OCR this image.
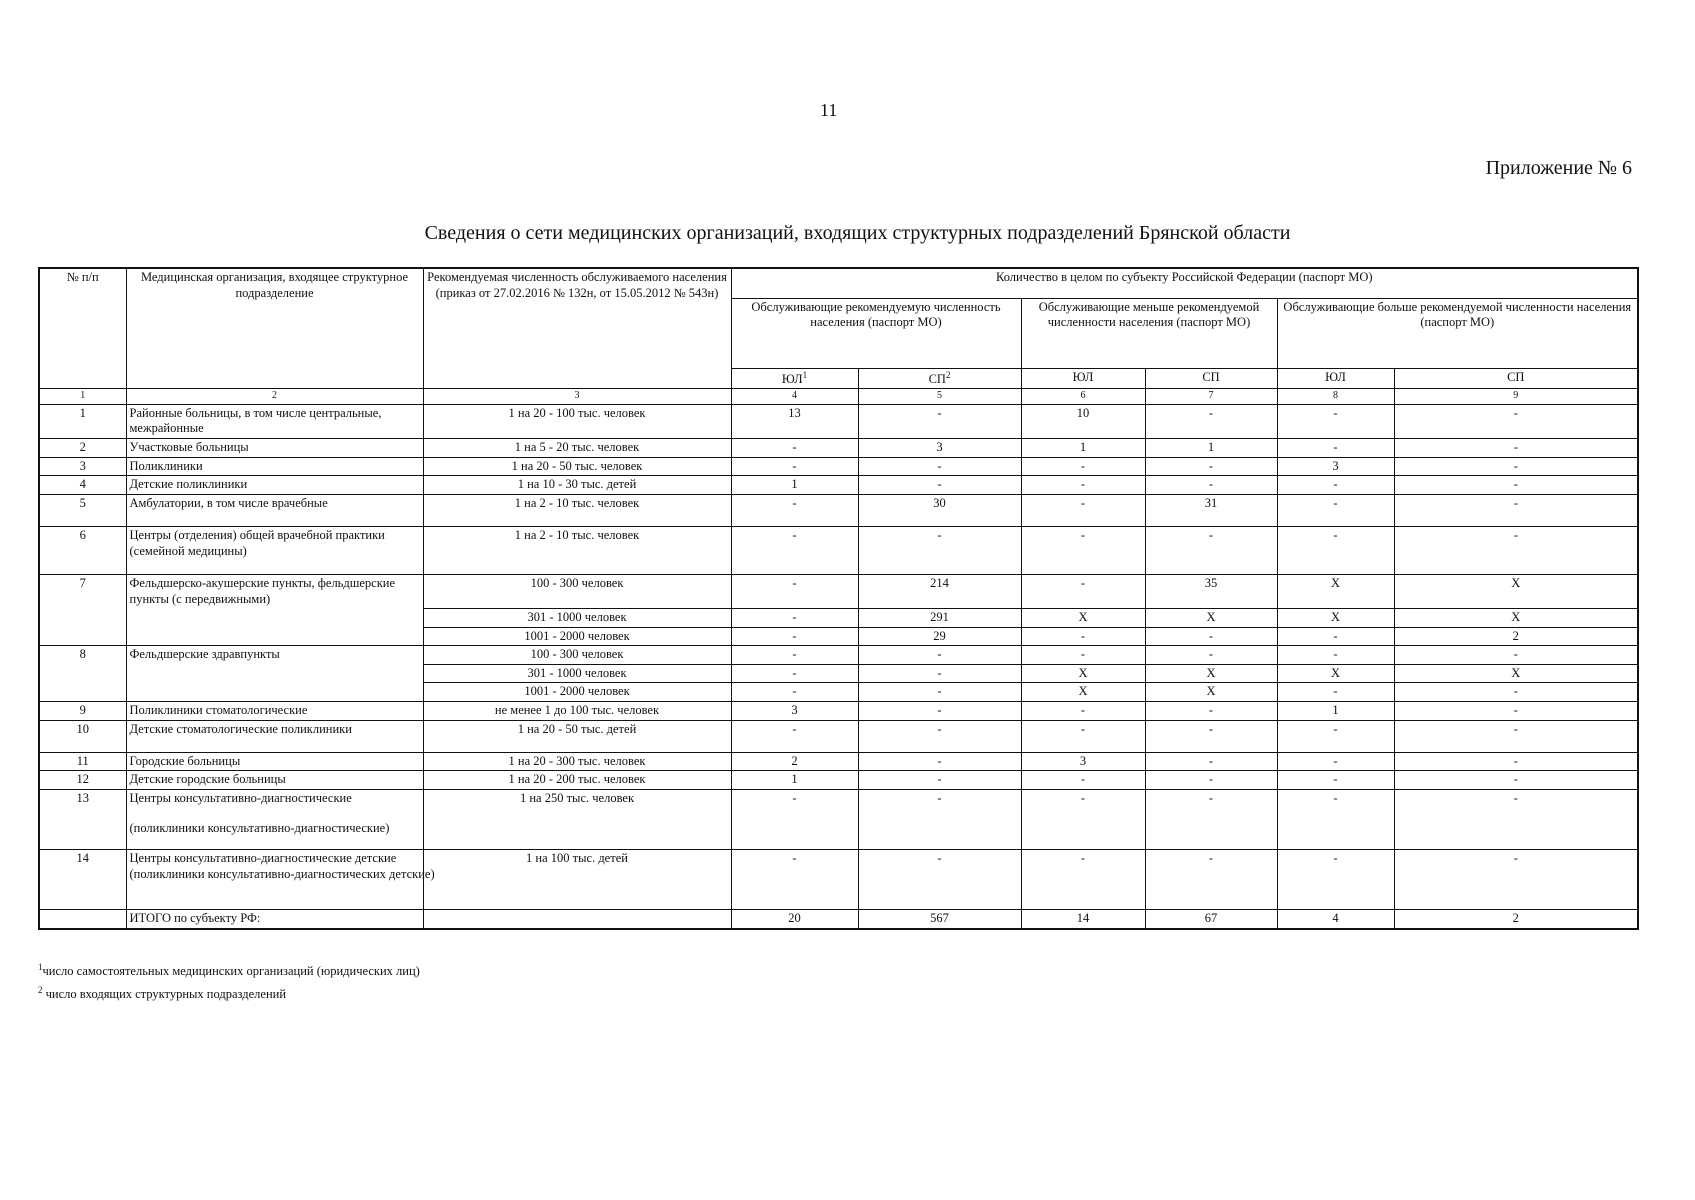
11
Приложение № 6
Сведения о сети медицинских организаций, входящих структурных подразделений Брянской области
№ п/п	Медицинская организация, входящее структурное подразделение	Рекомендуемая численность обслуживаемого населения (приказ от 27.02.2016 № 132н, от 15.05.2012 № 543н)	Количество в целом по субъекту Российской Федерации (паспорт МО)					
			Обслуживающие рекомендуемую численность населения (паспорт МО)		Обслуживающие меньше рекомендуемой численности населения (паспорт МО)		Обслуживающие больше рекомендуемой численности населения (паспорт МО)	
			$ЮЛ^1$	$СП^2$	ЮЛ	СП	ЮЛ	СП
1	2	3	4	5	6	7	8	9
1	Районные больницы, в том числе центральные, межрайонные	1 на 20 - 100 тыс. человек	13	-	10	-	-	-
2	Участковые больницы	1 на 5 - 20 тыс. человек	-	3	1	1	-	-
3	Поликлиники	1 на 20 - 50 тыс. человек	-	-	-	-	3	-
4	Детские поликлиники	1 на 10 - 30 тыс. детей	1	-	-	-	-	-
5	Амбулатории, в том числе врачебные	1 на 2 - 10 тыс. человек	-	30	-	31	-	-
6	Центры (отделения) общей врачебной практики (семейной медицины)	1 на 2 - 10 тыс. человек	-	-	-	-	-	-
7	Фельдшерско-акушерские пункты, фельдшерские пункты (с передвижными)	100 - 300 человек	-	214	-	35	X	X
		301 - 1000 человек	-	291	X	X	X	X
		1001 - 2000 человек	-	29	-	-	-	2
8	Фельдшерские здравпункты	100 - 300 человек	-	-	-	-	-	-
		301 - 1000 человек	-	-	X	X	X	X
		1001 - 2000 человек	-	-	X	X	-	-
9	Поликлиники стоматологические	не менее 1 до 100 тыс. человек	3	-	-	-	1	-
10	Детские стоматологические поликлиники	1 на 20 - 50 тыс. детей	-	-	-	-	-	-
11	Городские больницы	1 на 20 - 300 тыс. человек	2	-	3	-	-	-
12	Детские городские больницы	1 на 20 - 200 тыс. человек	1	-	-	-	-	-
13	Центры консультативно-диагностические
(поликлиники консультативно-диагностические)	1 на 250 тыс. человек	-	-	-	-	-	-
14	Центры консультативно-диагностические детские
(поликлиники консультативно-диагностических детские)	1 на 100 тыс. детей	-	-	-	-	-	-
	ИТОГО по субъекту РФ:		20	567	14	67	4	2
$^1$число самостоятельных медицинских организаций (юридических лиц)
$^2$ число входящих структурных подразделений
